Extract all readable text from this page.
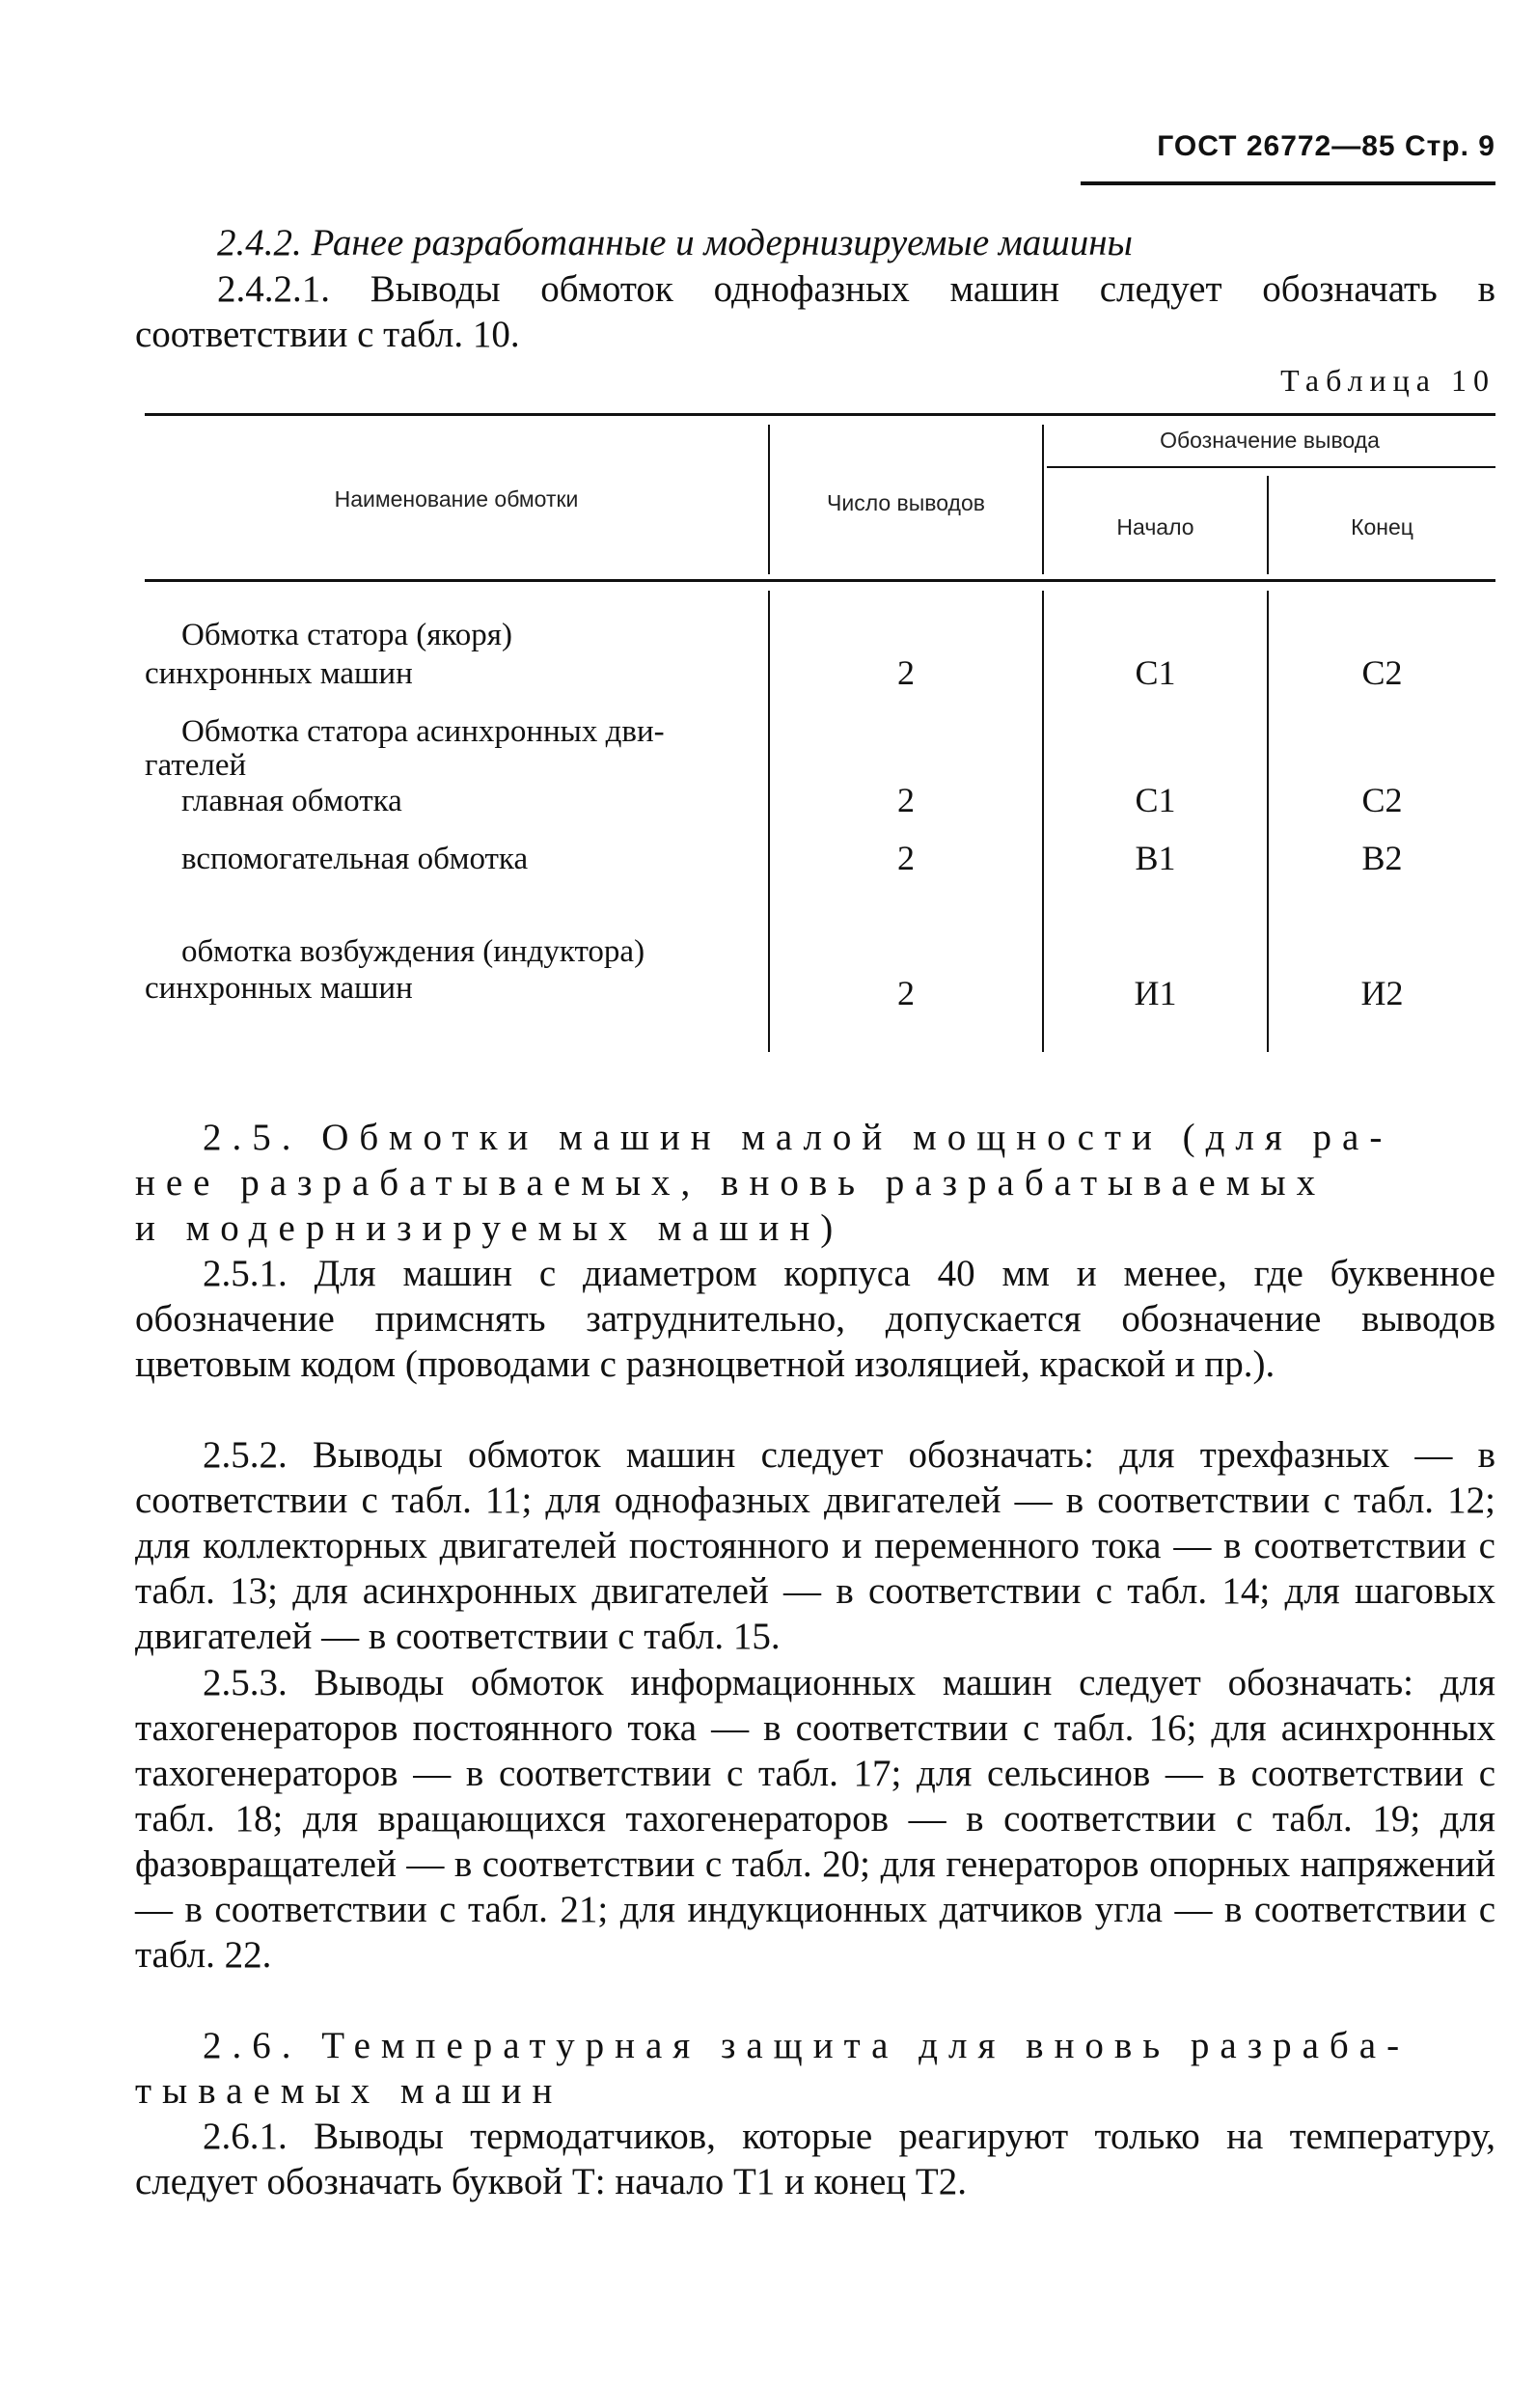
ГОСТ 26772—85 Стр. 9
2.4.2. Ранее разработанные и модернизируемые машины
2.4.2.1. Выводы обмоток однофазных машин следует обозначать в соответствии с табл. 10.
Таблица 10
Наименование обмотки	Число выводов
Обозначение вывода
Начало	Конец
Обмотка статора (якоря)
синхронных машин	2	С1	С2
Обмотка статора асинхронных дви-
гателей
главная обмотка	2	С1	С2
вспомогательная обмотка	2	В1	В2
обмотка возбуждения (индуктора)
синхронных машин	2	И1	И2
2.5. Обмотки машин малой мощности (для ра-
нее разрабатываемых, вновь разрабатываемых
и модернизируемых машин)
2.5.1. Для машин с диаметром корпуса 40 мм и менее, где буквенное обозначение примснять затруднительно, допускается обозначение выводов цветовым кодом (проводами с разноцветной изоляцией, краской и пр.).
2.5.2. Выводы обмоток машин следует обозначать: для трехфазных — в соответствии с табл. 11; для однофазных двигателей — в соответствии с табл. 12; для коллекторных двигателей постоянного и переменного тока — в соответствии с табл. 13; для асинхронных двигателей — в соответствии с табл. 14; для шаговых двигателей — в соответствии с табл. 15.
2.5.3. Выводы обмоток информационных машин следует обозначать: для тахогенераторов постоянного тока — в соответствии с табл. 16; для асинхронных тахогенераторов — в соответствии с табл. 17; для сельсинов — в соответствии с табл. 18; для вращающихся тахогенераторов — в соответствии с табл. 19; для фазовращателей — в соответствии с табл. 20; для генераторов опорных напряжений — в соответствии с табл. 21; для индукционных датчиков угла — в соответствии с табл. 22.
2.6. Температурная защита для вновь разраба-
тываемых машин
2.6.1. Выводы термодатчиков, которые реагируют только на температуру, следует обозначать буквой Т: начало Т1 и конец Т2.
